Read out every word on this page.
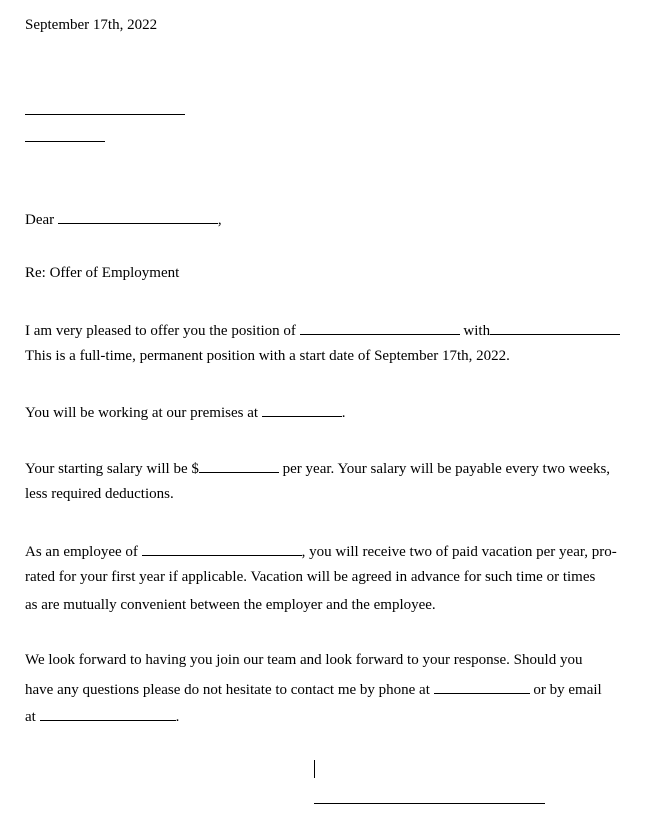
September 17th, 2022
Dear	,
Re: Offer of Employment
I am very pleased to offer you the position of	with
This is a full-time, permanent position with a start date of September 17th, 2022.
You will be working at our premises at	.
Your starting salary will be $	per year. Your salary will be payable every two weeks,
less required deductions.
As an employee of	, you will receive two of paid vacation per year, pro-
rated for your first year if applicable. Vacation will be agreed in advance for such time or times
as are mutually convenient between the employer and the employee.
We look forward to having you join our team and look forward to your response. Should you
have any questions please do not hesitate to contact me by phone at	or by email
at	.
